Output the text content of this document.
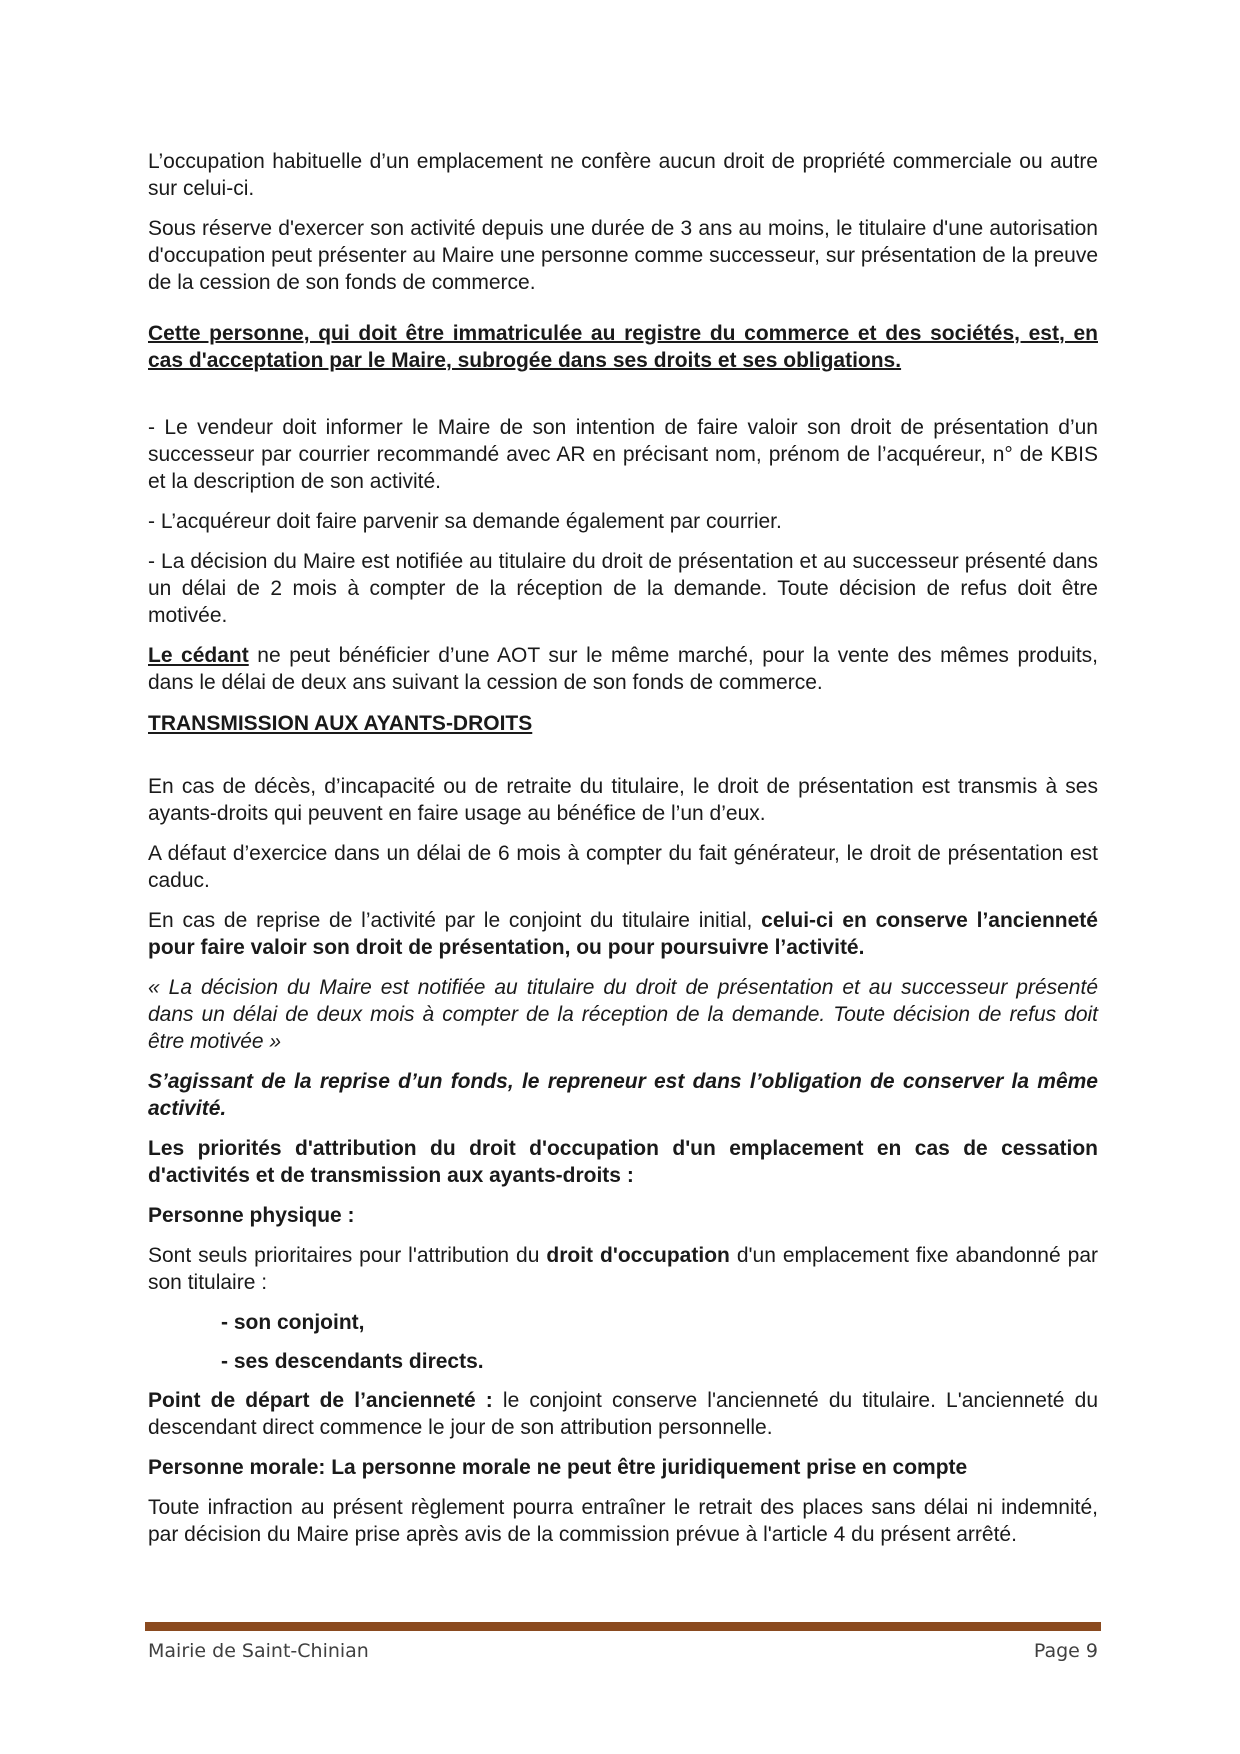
L’occupation habituelle d’un emplacement ne confère aucun droit de propriété commerciale ou autre sur celui-ci.

Sous réserve d'exercer son activité depuis une durée de 3 ans au moins, le titulaire d'une autorisation d'occupation peut présenter au Maire une personne comme successeur, sur présentation de la preuve de la cession de son fonds de commerce.

Cette personne, qui doit être immatriculée au registre du commerce et des sociétés, est, en cas d'acceptation par le Maire, subrogée dans ses droits et ses obligations.

- Le vendeur doit informer le Maire de son intention de faire valoir son droit de présentation d’un successeur par courrier recommandé avec AR en précisant nom, prénom de l’acquéreur, n° de KBIS et la description de son activité.

- L’acquéreur doit faire parvenir sa demande également par courrier.

- La décision du Maire est notifiée au titulaire du droit de présentation et au successeur présenté dans un délai de 2 mois à compter de la réception de la demande. Toute décision de refus doit être motivée.

Le cédant ne peut bénéficier d’une AOT sur le même marché, pour la vente des mêmes produits, dans le délai de deux ans suivant la cession de son fonds de commerce.

TRANSMISSION AUX AYANTS-DROITS

En cas de décès, d’incapacité ou de retraite du titulaire, le droit de présentation est transmis à ses ayants-droits qui peuvent en faire usage au bénéfice de l’un d’eux.

A défaut d’exercice dans un délai de 6 mois à compter du fait générateur, le droit de présentation est caduc.

En cas de reprise de l’activité par le conjoint du titulaire initial, celui-ci en conserve l’ancienneté pour faire valoir son droit de présentation, ou pour poursuivre l’activité.

« La décision du Maire est notifiée au titulaire du droit de présentation et au successeur présenté dans un délai de deux mois à compter de la réception de la demande. Toute décision de refus doit être motivée »

S’agissant de la reprise d’un fonds, le repreneur est dans l’obligation de conserver la même activité.

Les priorités d'attribution du droit d'occupation d'un emplacement en cas de cessation d'activités et de transmission aux ayants-droits :

Personne physique :

Sont seuls prioritaires pour l'attribution du droit d'occupation d'un emplacement fixe abandonné par son titulaire :

- son conjoint,

- ses descendants directs.

Point de départ de l’ancienneté : le conjoint conserve l'ancienneté du titulaire. L'ancienneté du descendant direct commence le jour de son attribution personnelle.

Personne morale: La personne morale ne peut être juridiquement prise en compte

Toute infraction au présent règlement pourra entraîner le retrait des places sans délai ni indemnité, par décision du Maire prise après avis de la commission prévue à l'article 4 du présent arrêté.

Mairie de Saint-Chinian	Page 9
